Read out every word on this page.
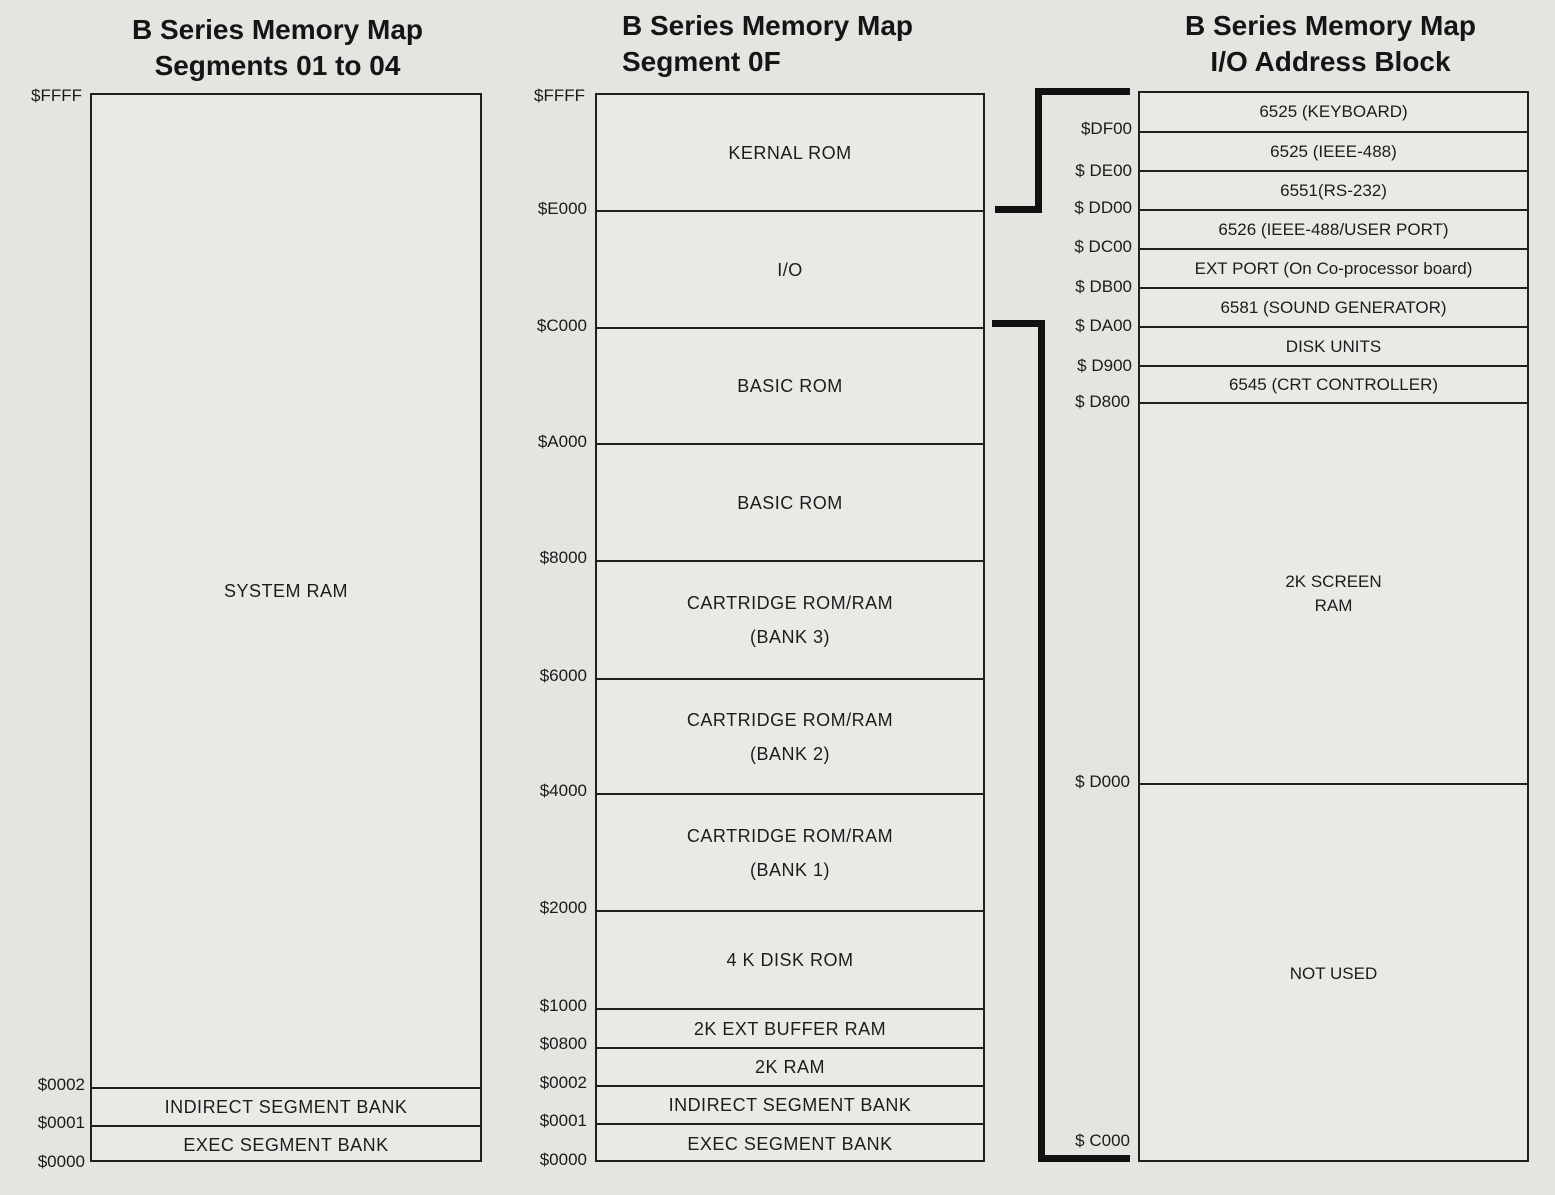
B Series Memory Map
Segments 01 to 04
B Series Memory Map
Segment 0F
B Series Memory Map
I/O Address Block
$FFFF
SYSTEM RAM
INDIRECT SEGMENT BANK
EXEC SEGMENT BANK
$0002
$0001
$0000
$FFFF
KERNAL ROM
I/O
BASIC ROM
BASIC ROM
CARTRIDGE ROM/RAM
(BANK 3)
CARTRIDGE ROM/RAM
(BANK 2)
CARTRIDGE ROM/RAM
(BANK 1)
4 K DISK ROM
2K EXT BUFFER RAM
2K RAM
INDIRECT SEGMENT BANK
EXEC SEGMENT BANK
$E000
$C000
$A000
$8000
$6000
$4000
$2000
$1000
$0800
$0002
$0001
$0000
6525 (KEYBOARD)
6525 (IEEE-488)
6551(RS-232)
6526 (IEEE-488/USER PORT)
EXT PORT (On Co-processor board)
6581 (SOUND GENERATOR)
DISK UNITS
6545 (CRT CONTROLLER)
2K SCREEN
RAM
NOT USED
$DF00
$ DE00
$ DD00
$ DC00
$ DB00
$ DA00
$ D900
$ D800
$ D000
$ C000
